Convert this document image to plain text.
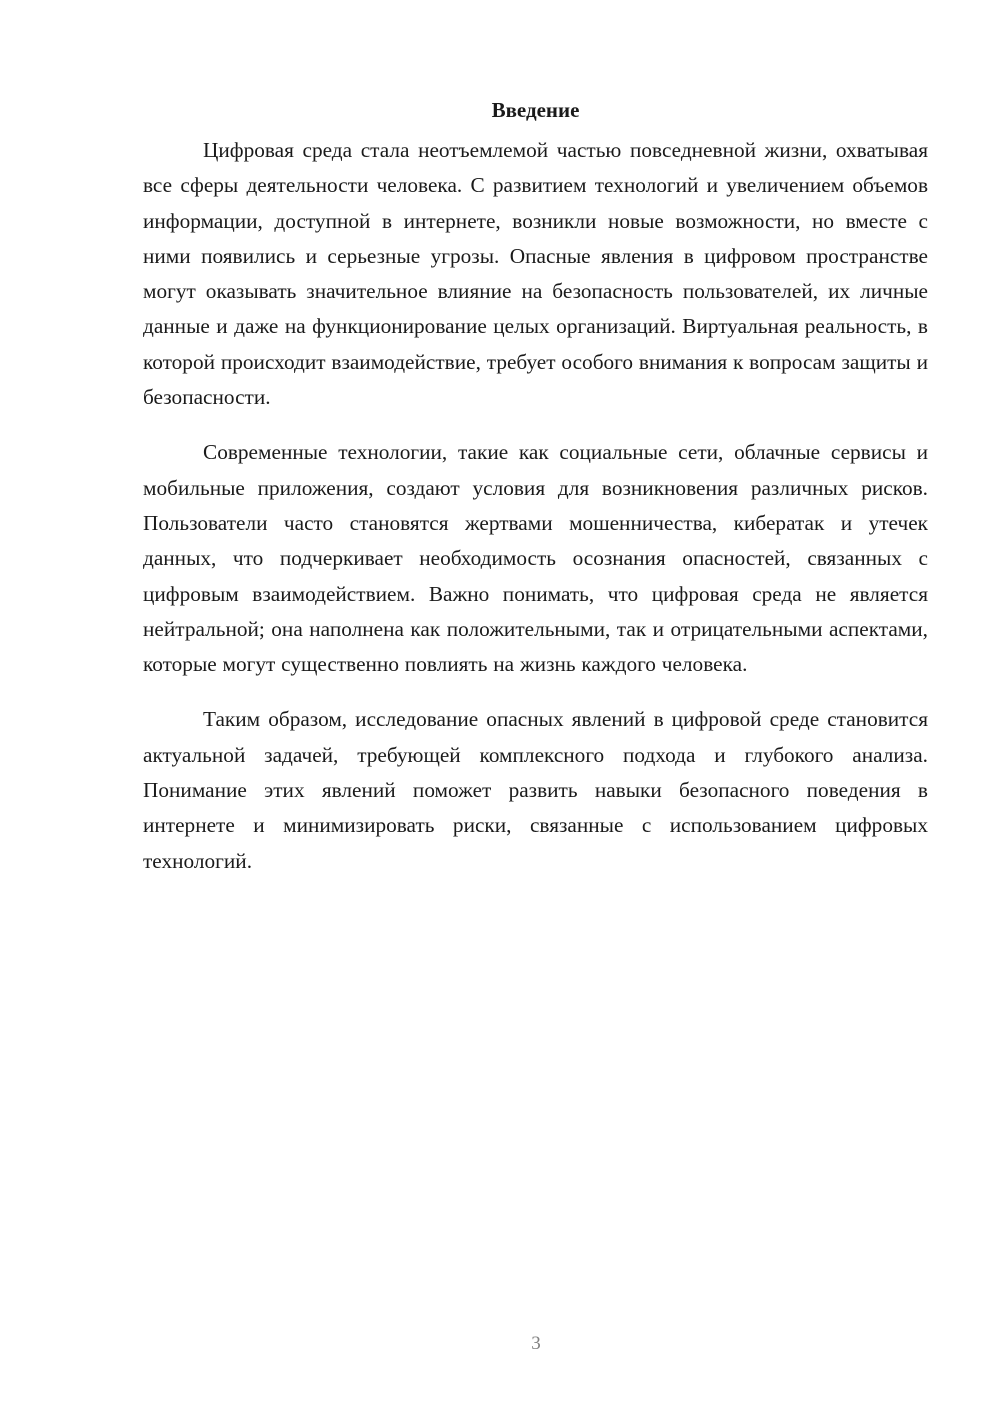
Введение

Цифровая среда стала неотъемлемой частью повседневной жизни, охватывая все сферы деятельности человека. С развитием технологий и увеличением объемов информации, доступной в интернете, возникли новые возможности, но вместе с ними появились и серьезные угрозы. Опасные явления в цифровом пространстве могут оказывать значительное влияние на безопасность пользователей, их личные данные и даже на функционирование целых организаций. Виртуальная реальность, в которой происходит взаимодействие, требует особого внимания к вопросам защиты и безопасности.

Современные технологии, такие как социальные сети, облачные сервисы и мобильные приложения, создают условия для возникновения различных рисков. Пользователи часто становятся жертвами мошенничества, кибератак и утечек данных, что подчеркивает необходимость осознания опасностей, связанных с цифровым взаимодействием. Важно понимать, что цифровая среда не является нейтральной; она наполнена как положительными, так и отрицательными аспектами, которые могут существенно повлиять на жизнь каждого человека.

Таким образом, исследование опасных явлений в цифровой среде становится актуальной задачей, требующей комплексного подхода и глубокого анализа. Понимание этих явлений поможет развить навыки безопасного поведения в интернете и минимизировать риски, связанные с использованием цифровых технологий.

3
